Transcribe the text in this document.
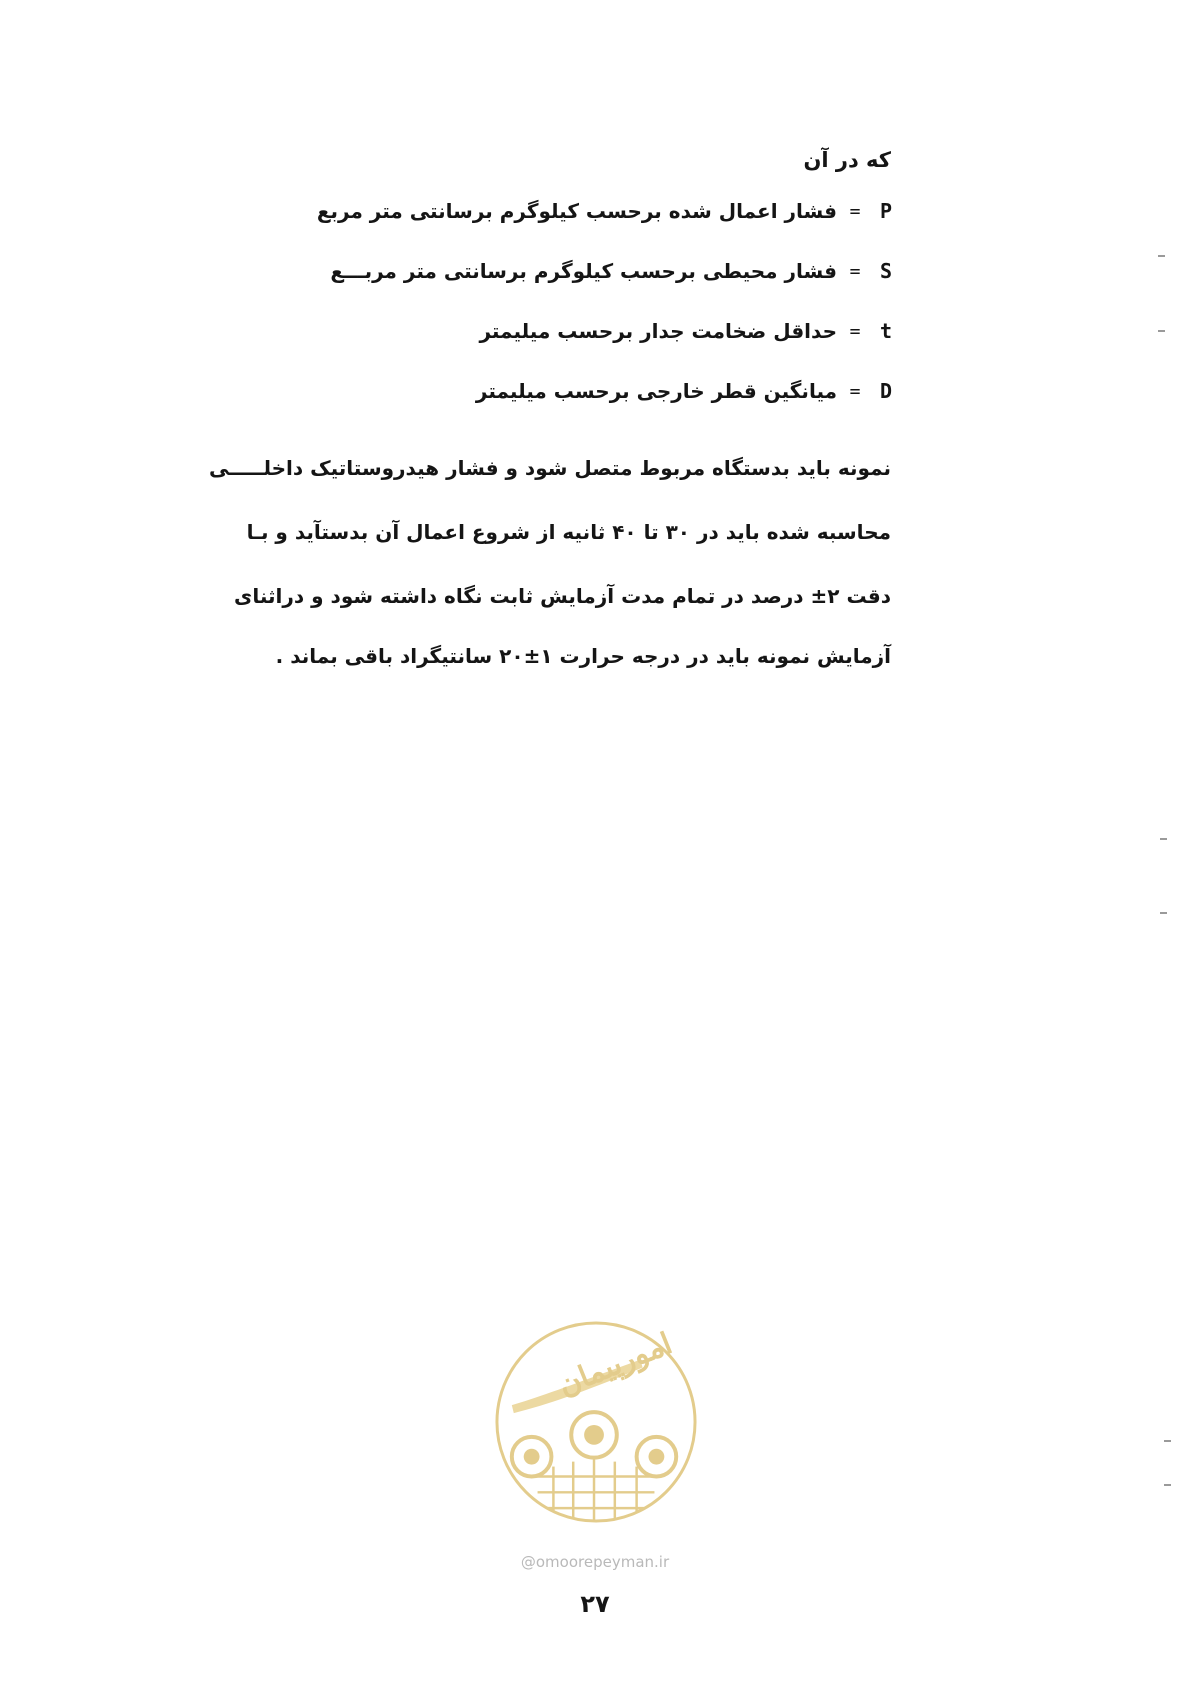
که در آن
P
=
فشار اعمال شده برحسب کیلوگرم برسانتی متر مربع
S
=
فشار محیطی برحسب کیلوگرم برسانتی متر مربـــع
t
=
حداقل ضخامت جدار برحسب میلیمتر
D
=
میانگین قطر خارجی برحسب میلیمتر
نمونه باید بدستگاه مربوط متصل شود و فشار هیدروستاتیک داخلـــــی
محاسبه شده باید در ۳۰ تا ۴۰ ثانیه از شروع اعمال آن بدستآید و بـا
دقت ۲± درصد در تمام مدت آزمایش ثابت نگاه داشته شود و دراثنای
آزمایش نمونه باید در درجه حرارت ۱±۲۰ سانتیگراد باقی بماند .
امورپیمان
@omoorepeyman.ir
۲۷
